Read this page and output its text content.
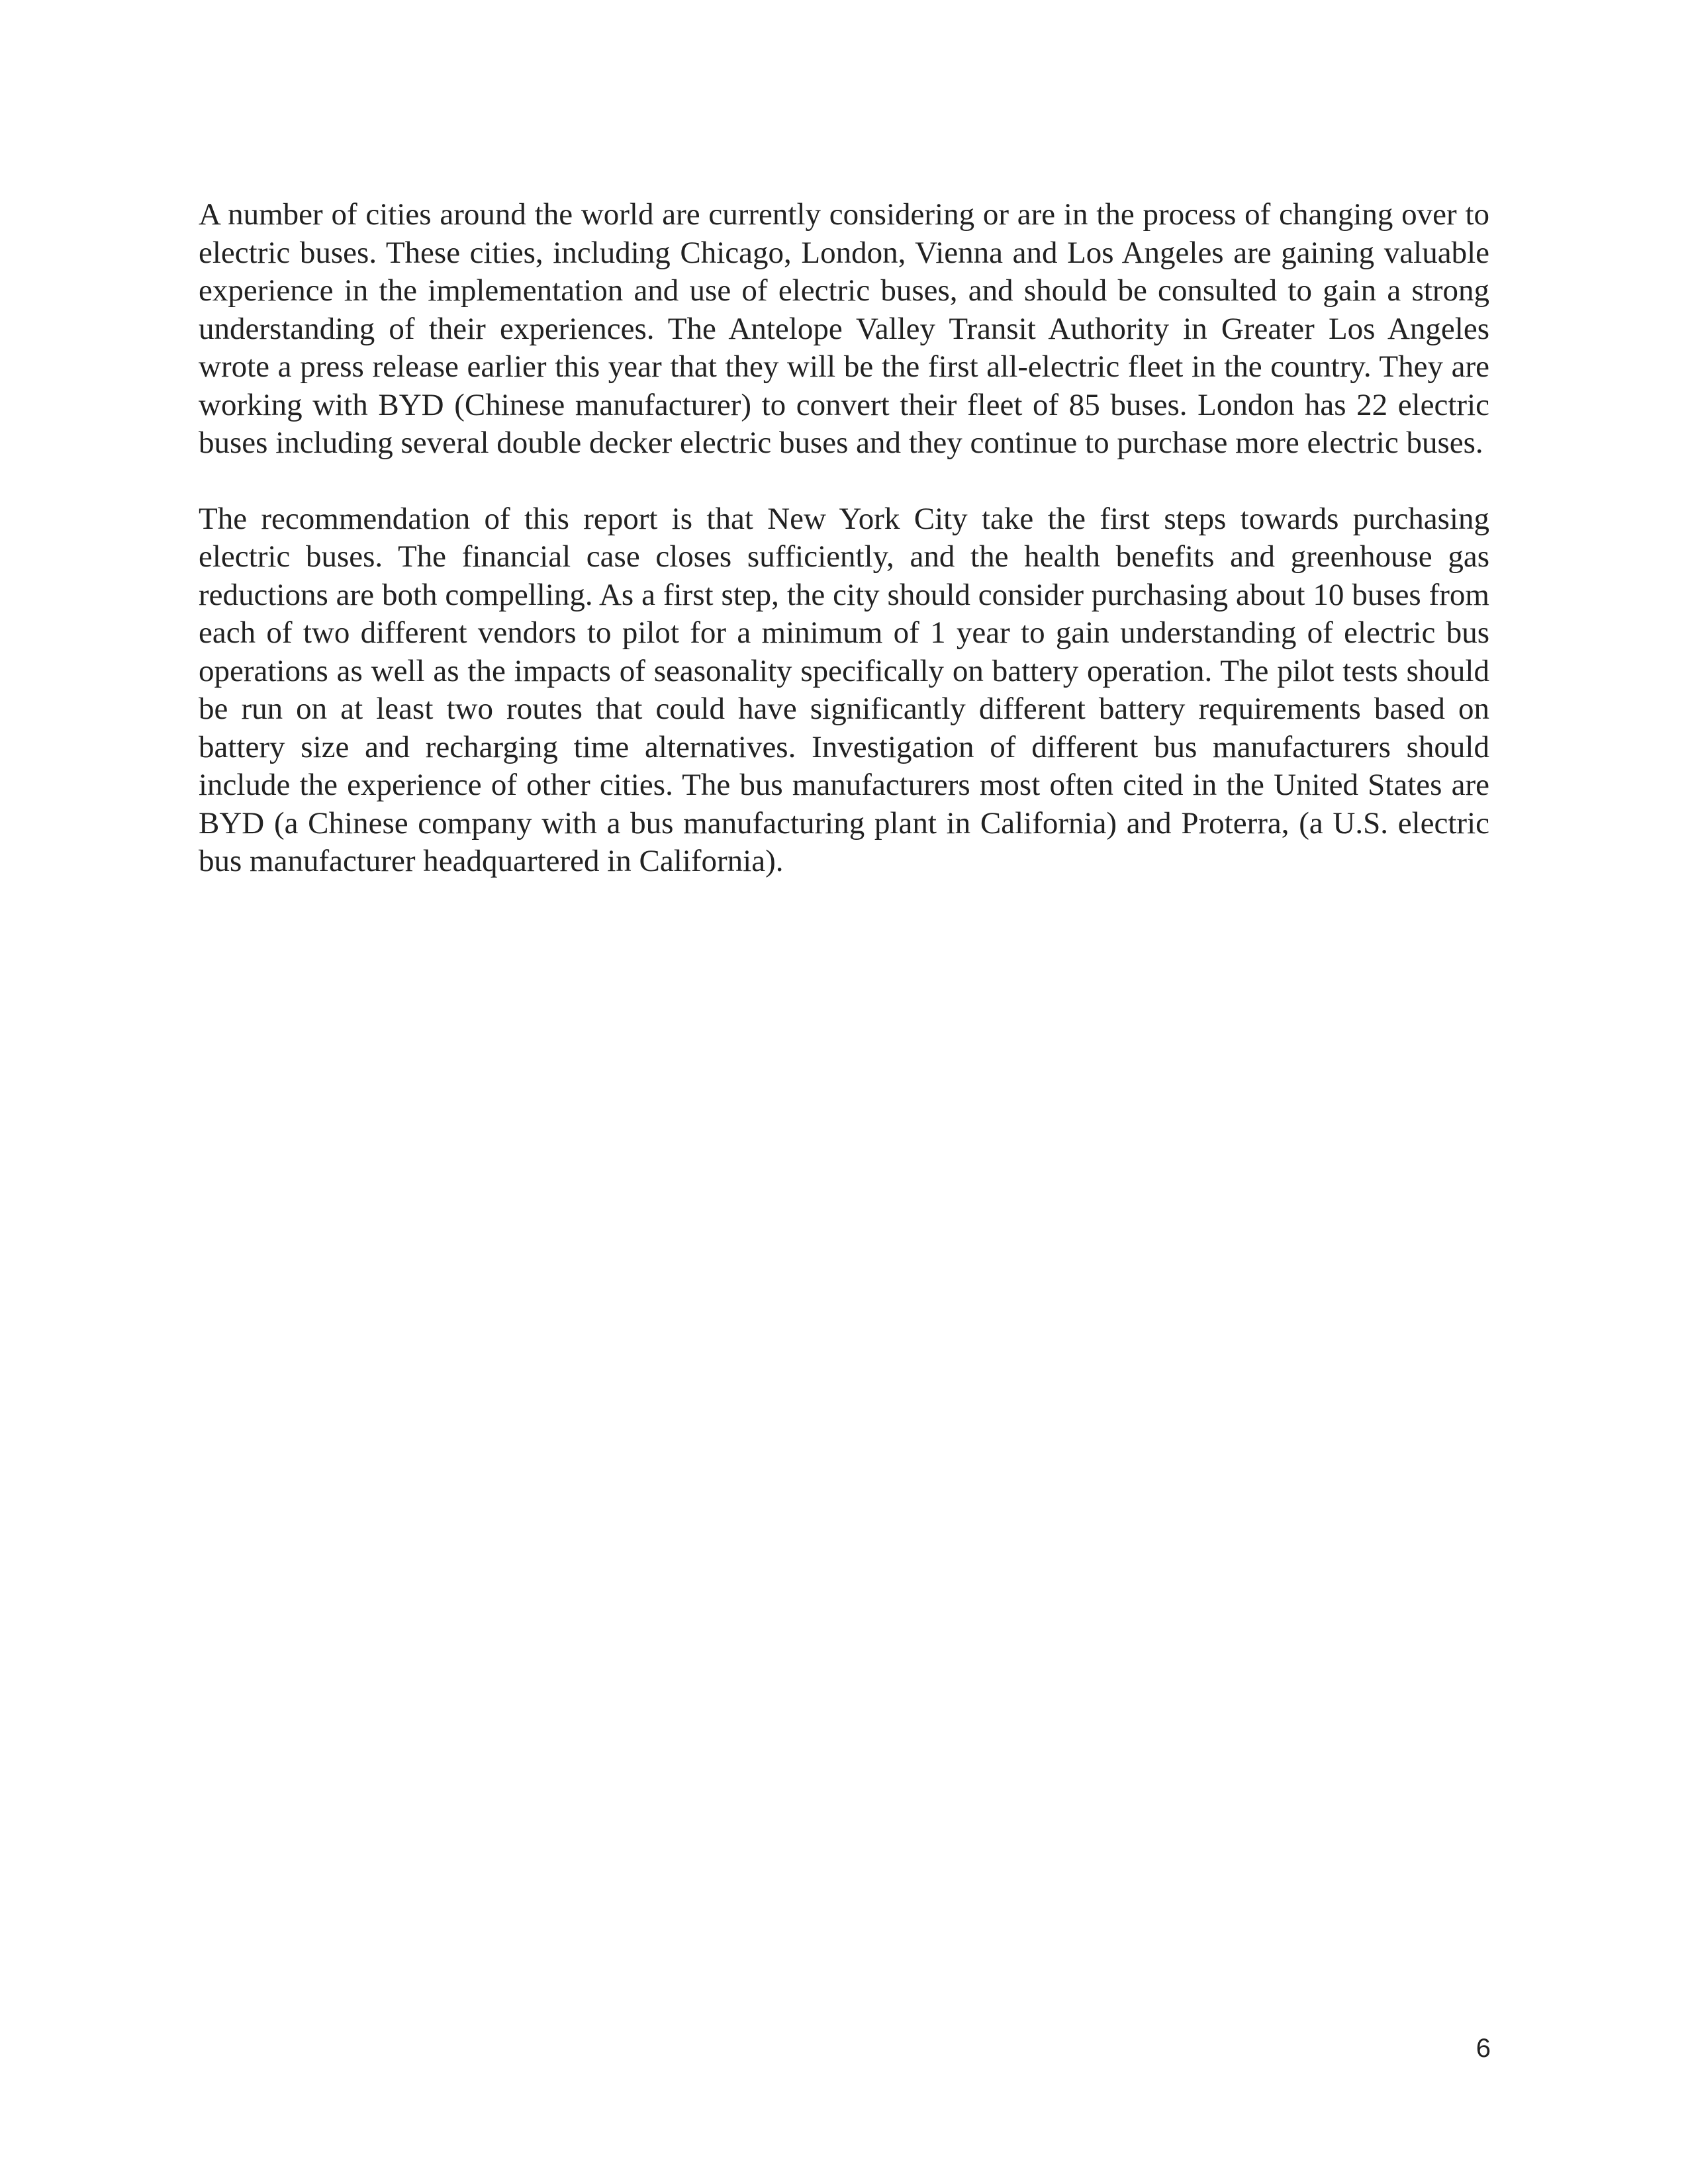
A number of cities around the world are currently considering or are in the process of changing over to electric buses. These cities, including Chicago, London, Vienna and Los Angeles are gaining valuable experience in the implementation and use of electric buses, and should be consulted to gain a strong understanding of their experiences. The Antelope Valley Transit Authority in Greater Los Angeles wrote a press release earlier this year that they will be the first all-electric fleet in the country. They are working with BYD (Chinese manufacturer) to convert their fleet of 85 buses. London has 22 electric buses including several double decker electric buses and they continue to purchase more electric buses.

The recommendation of this report is that New York City take the first steps towards purchasing electric buses. The financial case closes sufficiently, and the health benefits and greenhouse gas reductions are both compelling. As a first step, the city should consider purchasing about 10 buses from each of two different vendors to pilot for a minimum of 1 year to gain understanding of electric bus operations as well as the impacts of seasonality specifically on battery operation. The pilot tests should be run on at least two routes that could have significantly different battery requirements based on battery size and recharging time alternatives. Investigation of different bus manufacturers should include the experience of other cities. The bus manufacturers most often cited in the United States are BYD (a Chinese company with a bus manufacturing plant in California) and Proterra, (a U.S. electric bus manufacturer headquartered in California).

6
